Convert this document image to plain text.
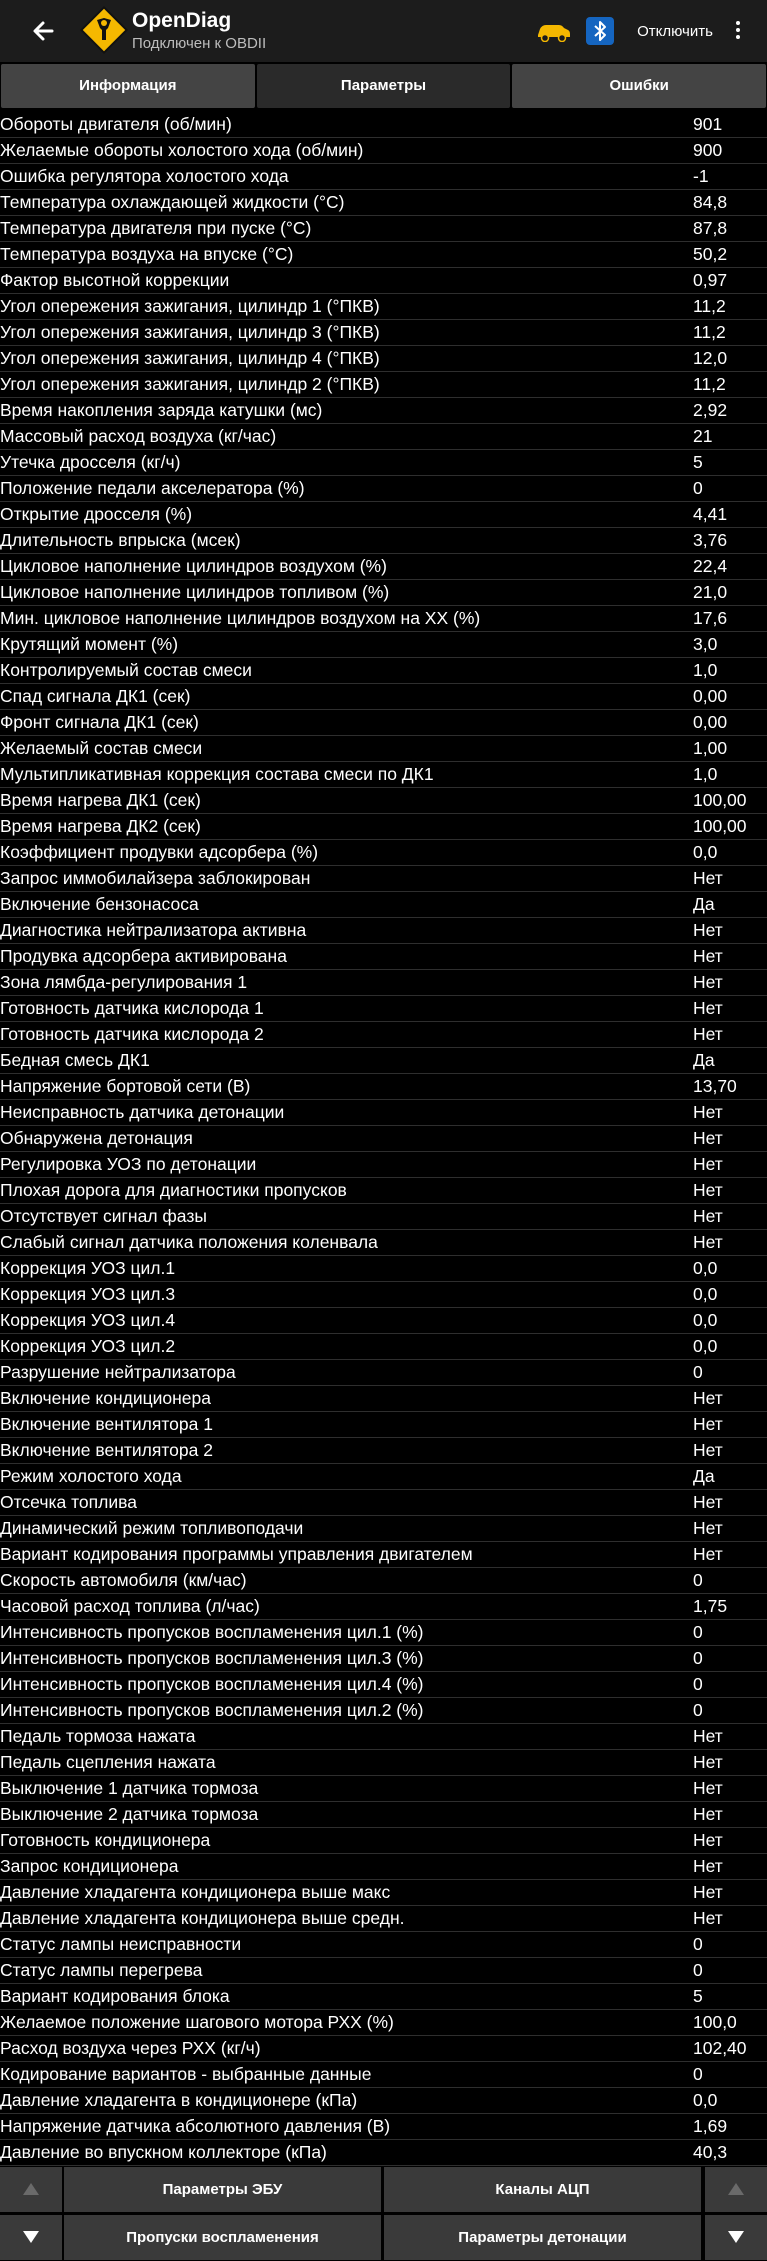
OpenDiag
Подключен к OBDII
Отключить
Информация	Параметры	Ошибки
Обороты двигателя (об/мин)	901
Желаемые обороты холостого хода (об/мин)	900
Ошибка регулятора холостого хода	-1
Температура охлаждающей жидкости (°С)	84,8
Температура двигателя при пуске (°С)	87,8
Температура воздуха на впуске (°С)	50,2
Фактор высотной коррекции	0,97
Угол опережения зажигания, цилиндр 1 (°ПКВ)	11,2
Угол опережения зажигания, цилиндр 3 (°ПКВ)	11,2
Угол опережения зажигания, цилиндр 4 (°ПКВ)	12,0
Угол опережения зажигания, цилиндр 2 (°ПКВ)	11,2
Время накопления заряда катушки (мс)	2,92
Массовый расход воздуха (кг/час)	21
Утечка дросселя (кг/ч)	5
Положение педали акселератора (%)	0
Открытие дросселя (%)	4,41
Длительность впрыска (мсек)	3,76
Цикловое наполнение цилиндров воздухом (%)	22,4
Цикловое наполнение цилиндров топливом (%)	21,0
Мин. цикловое наполнение цилиндров воздухом на ХХ (%)	17,6
Крутящий момент (%)	3,0
Контролируемый состав смеси	1,0
Спад сигнала ДК1 (сек)	0,00
Фронт сигнала ДК1 (сек)	0,00
Желаемый состав смеси	1,00
Мультипликативная коррекция состава смеси по ДК1	1,0
Время нагрева ДК1 (сек)	100,00
Время нагрева ДК2 (сек)	100,00
Коэффициент продувки адсорбера (%)	0,0
Запрос иммобилайзера заблокирован	Нет
Включение бензонасоса	Да
Диагностика нейтрализатора активна	Нет
Продувка адсорбера активирована	Нет
Зона лямбда-регулирования 1	Нет
Готовность датчика кислорода 1	Нет
Готовность датчика кислорода 2	Нет
Бедная смесь ДК1	Да
Напряжение бортовой сети (В)	13,70
Неисправность датчика детонации	Нет
Обнаружена детонация	Нет
Регулировка УОЗ по детонации	Нет
Плохая дорога для диагностики пропусков	Нет
Отсутствует сигнал фазы	Нет
Слабый сигнал датчика положения коленвала	Нет
Коррекция УОЗ цил.1	0,0
Коррекция УОЗ цил.3	0,0
Коррекция УОЗ цил.4	0,0
Коррекция УОЗ цил.2	0,0
Разрушение нейтрализатора	0
Включение кондиционера	Нет
Включение вентилятора 1	Нет
Включение вентилятора 2	Нет
Режим холостого хода	Да
Отсечка топлива	Нет
Динамический режим топливоподачи	Нет
Вариант кодирования программы управления двигателем	Нет
Скорость автомобиля (км/час)	0
Часовой расход топлива (л/час)	1,75
Интенсивность пропусков воспламенения цил.1 (%)	0
Интенсивность пропусков воспламенения цил.3 (%)	0
Интенсивность пропусков воспламенения цил.4 (%)	0
Интенсивность пропусков воспламенения цил.2 (%)	0
Педаль тормоза нажата	Нет
Педаль сцепления нажата	Нет
Выключение 1 датчика тормоза	Нет
Выключение 2 датчика тормоза	Нет
Готовность кондиционера	Нет
Запрос кондиционера	Нет
Давление хладагента кондиционера выше макс	Нет
Давление хладагента кондиционера выше средн.	Нет
Статус лампы неисправности	0
Статус лампы перегрева	0
Вариант кодирования блока	5
Желаемое положение шагового мотора РХХ (%)	100,0
Расход воздуха через РХХ (кг/ч)	102,40
Кодирование вариантов - выбранные данные	0
Давление хладагента в кондиционере (кПа)	0,0
Напряжение датчика абсолютного давления (В)	1,69
Давление во впускном коллекторе (кПа)	40,3
Параметры ЭБУ	Каналы АЦП
Пропуски воспламенения	Параметры детонации
